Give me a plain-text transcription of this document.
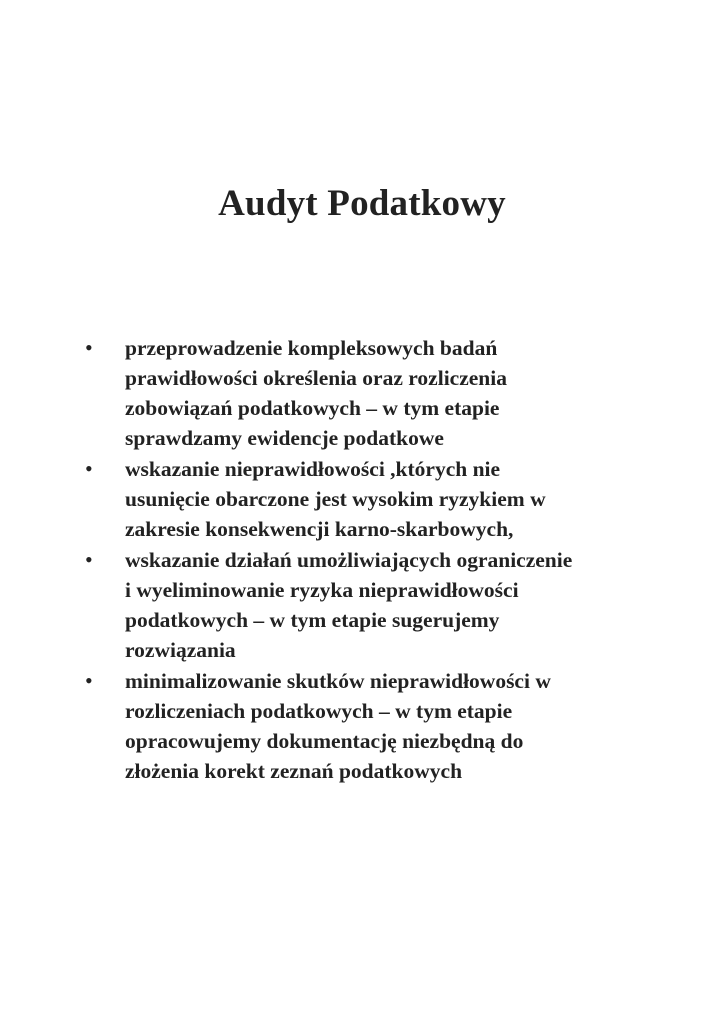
Audyt Podatkowy
• przeprowadzenie kompleksowych badań
prawidłowości określenia oraz rozliczenia
zobowiązań podatkowych – w tym etapie
sprawdzamy ewidencje podatkowe
• wskazanie nieprawidłowości ,których nie
usunięcie obarczone jest wysokim ryzykiem w
zakresie konsekwencji karno-skarbowych,
• wskazanie działań umożliwiających ograniczenie
i wyeliminowanie ryzyka nieprawidłowości
podatkowych – w tym etapie sugerujemy
rozwiązania
• minimalizowanie skutków nieprawidłowości w
rozliczeniach podatkowych – w tym etapie
opracowujemy dokumentację niezbędną do
złożenia korekt zeznań podatkowych
